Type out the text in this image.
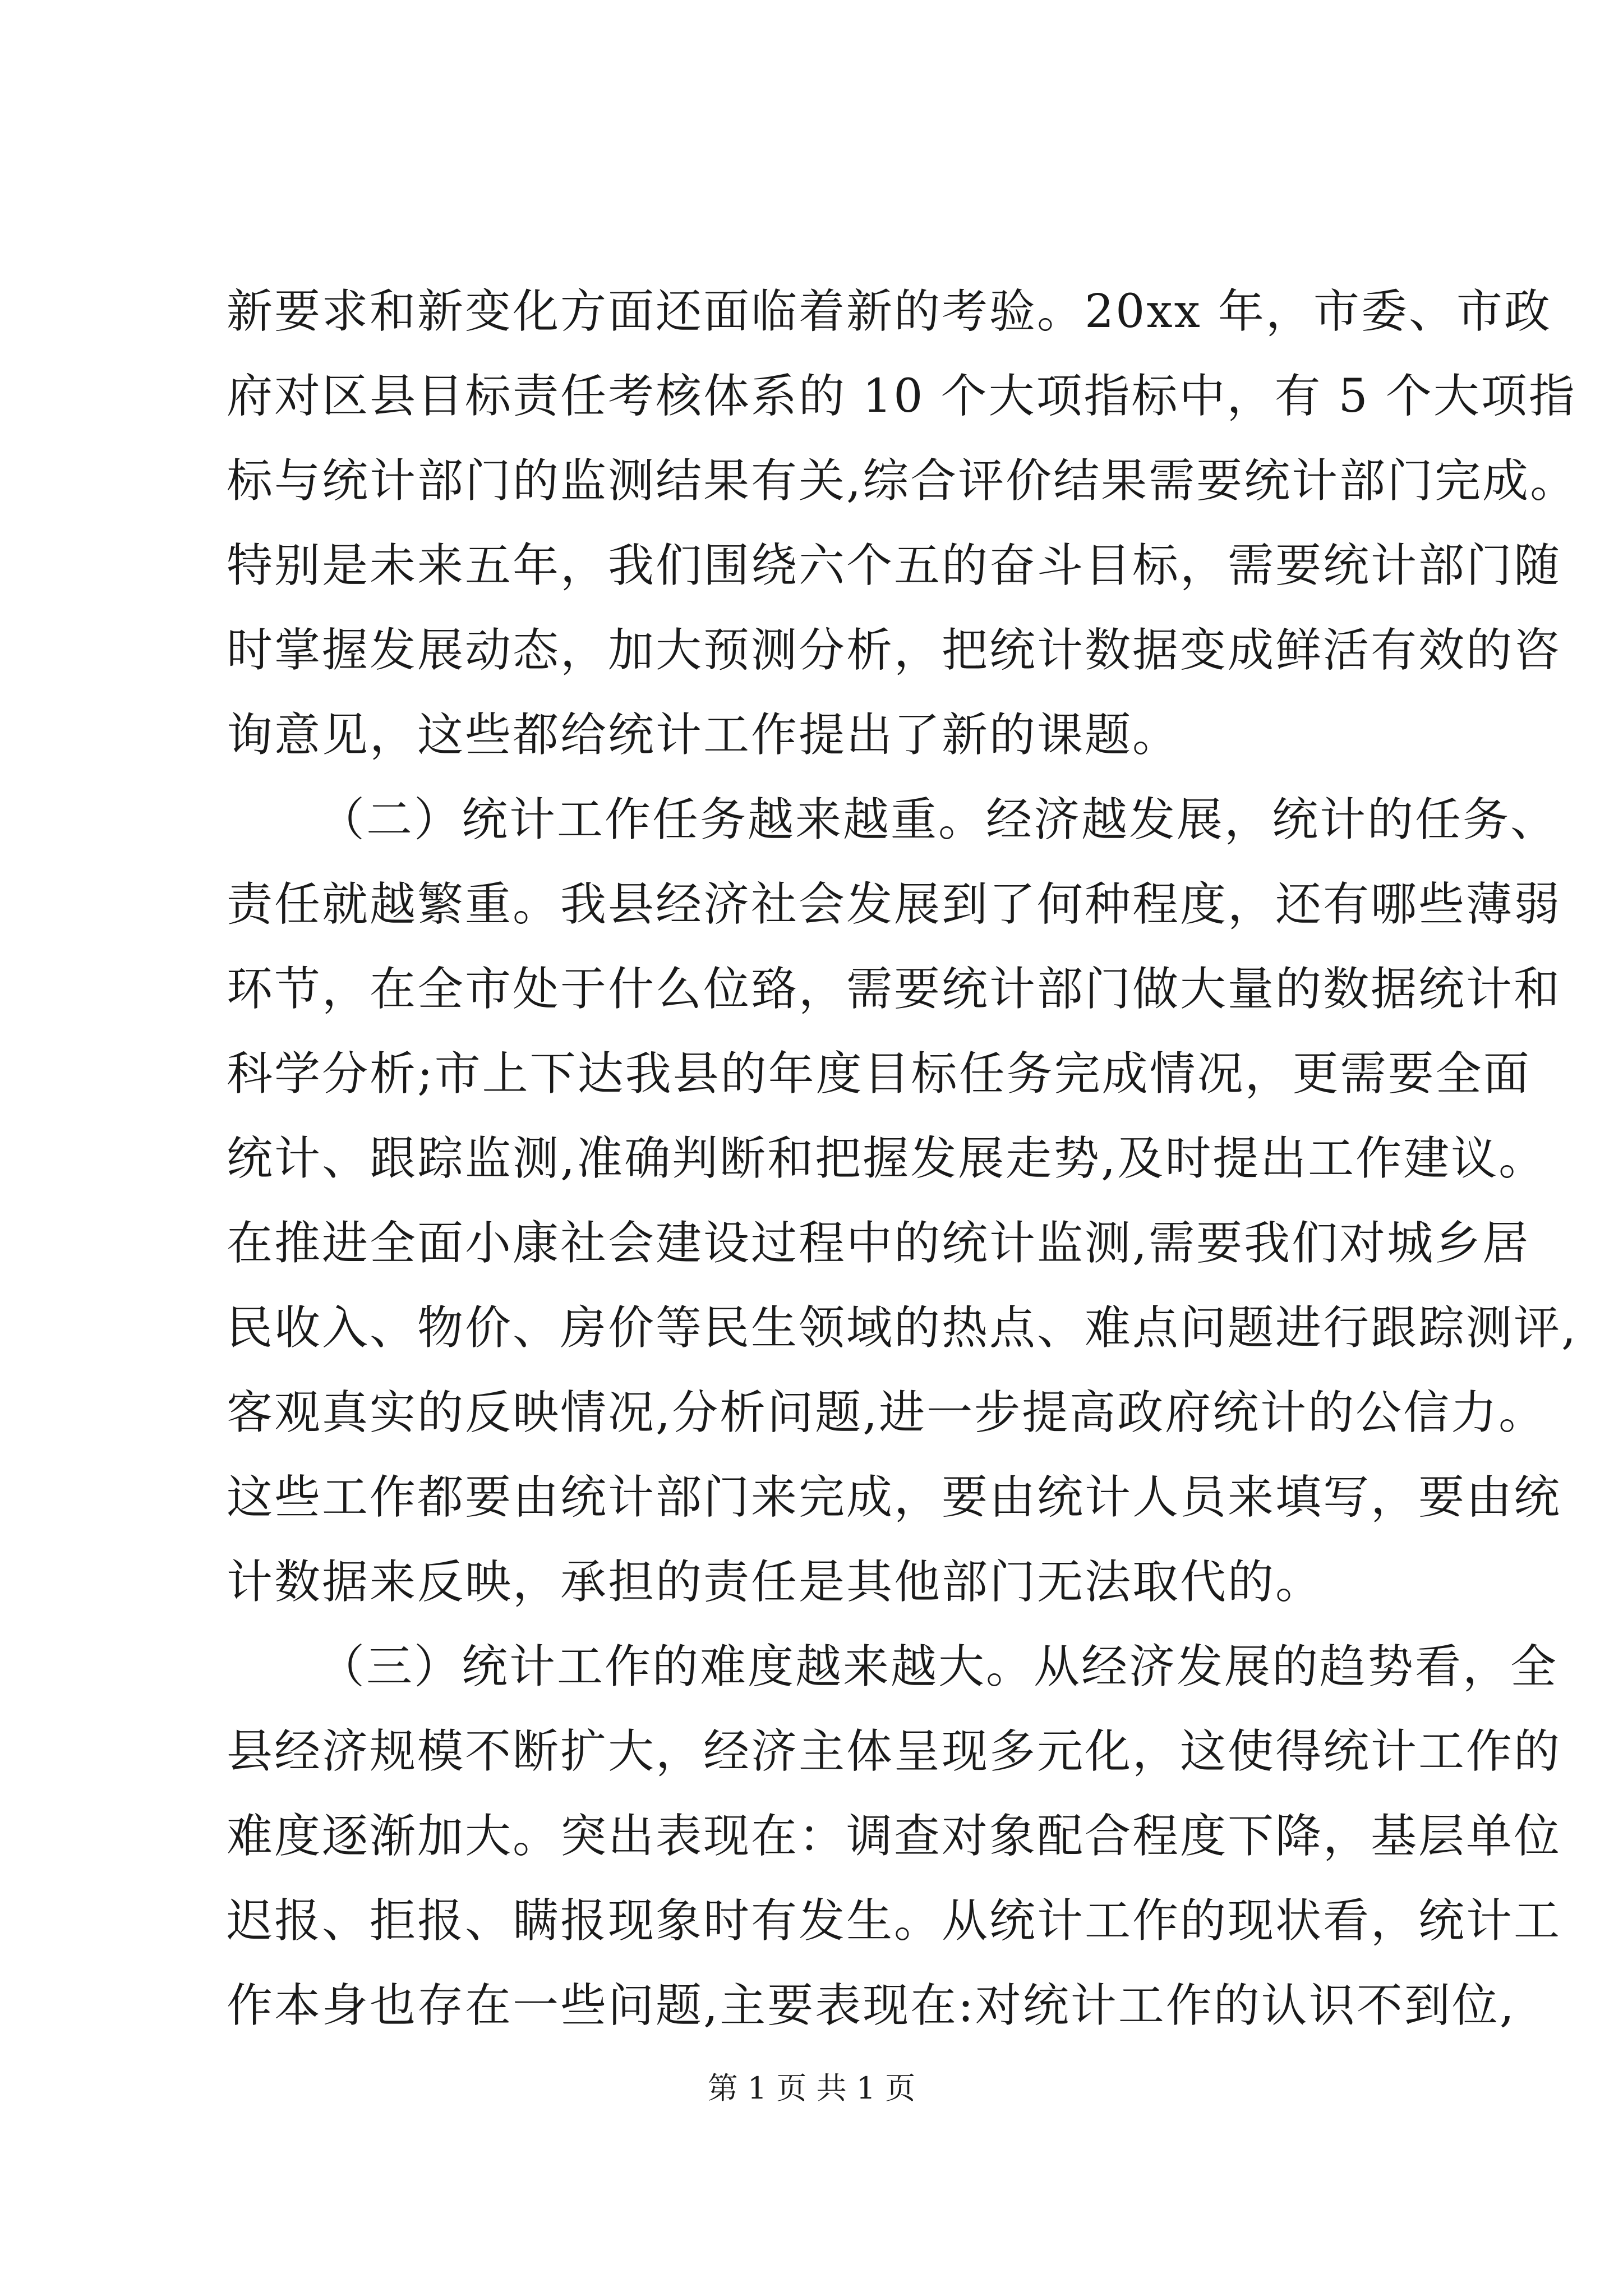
新要求和新变化方面还面临着新的考验。20xx 年，市委、市政
府对区县目标责任考核体系的 10 个大项指标中，有 5 个大项指
标与统计部门的监测结果有关,综合评价结果需要统计部门完成。
特别是未来五年，我们围绕六个五的奋斗目标，需要统计部门随
时掌握发展动态，加大预测分析，把统计数据变成鲜活有效的咨
询意见，这些都给统计工作提出了新的课题。
（二）统计工作任务越来越重。经济越发展，统计的任务、
责任就越繁重。我县经济社会发展到了何种程度，还有哪些薄弱
环节，在全市处于什么位臵，需要统计部门做大量的数据统计和
科学分析;市上下达我县的年度目标任务完成情况，更需要全面
统计、跟踪监测,准确判断和把握发展走势,及时提出工作建议。
在推进全面小康社会建设过程中的统计监测,需要我们对城乡居
民收入、物价、房价等民生领域的热点、难点问题进行跟踪测评,
客观真实的反映情况,分析问题,进一步提高政府统计的公信力。
这些工作都要由统计部门来完成，要由统计人员来填写，要由统
计数据来反映，承担的责任是其他部门无法取代的。
（三）统计工作的难度越来越大。从经济发展的趋势看，全
县经济规模不断扩大，经济主体呈现多元化，这使得统计工作的
难度逐渐加大。突出表现在：调查对象配合程度下降，基层单位
迟报、拒报、瞒报现象时有发生。从统计工作的现状看，统计工
作本身也存在一些问题,主要表现在:对统计工作的认识不到位,
第 1 页 共 1 页
